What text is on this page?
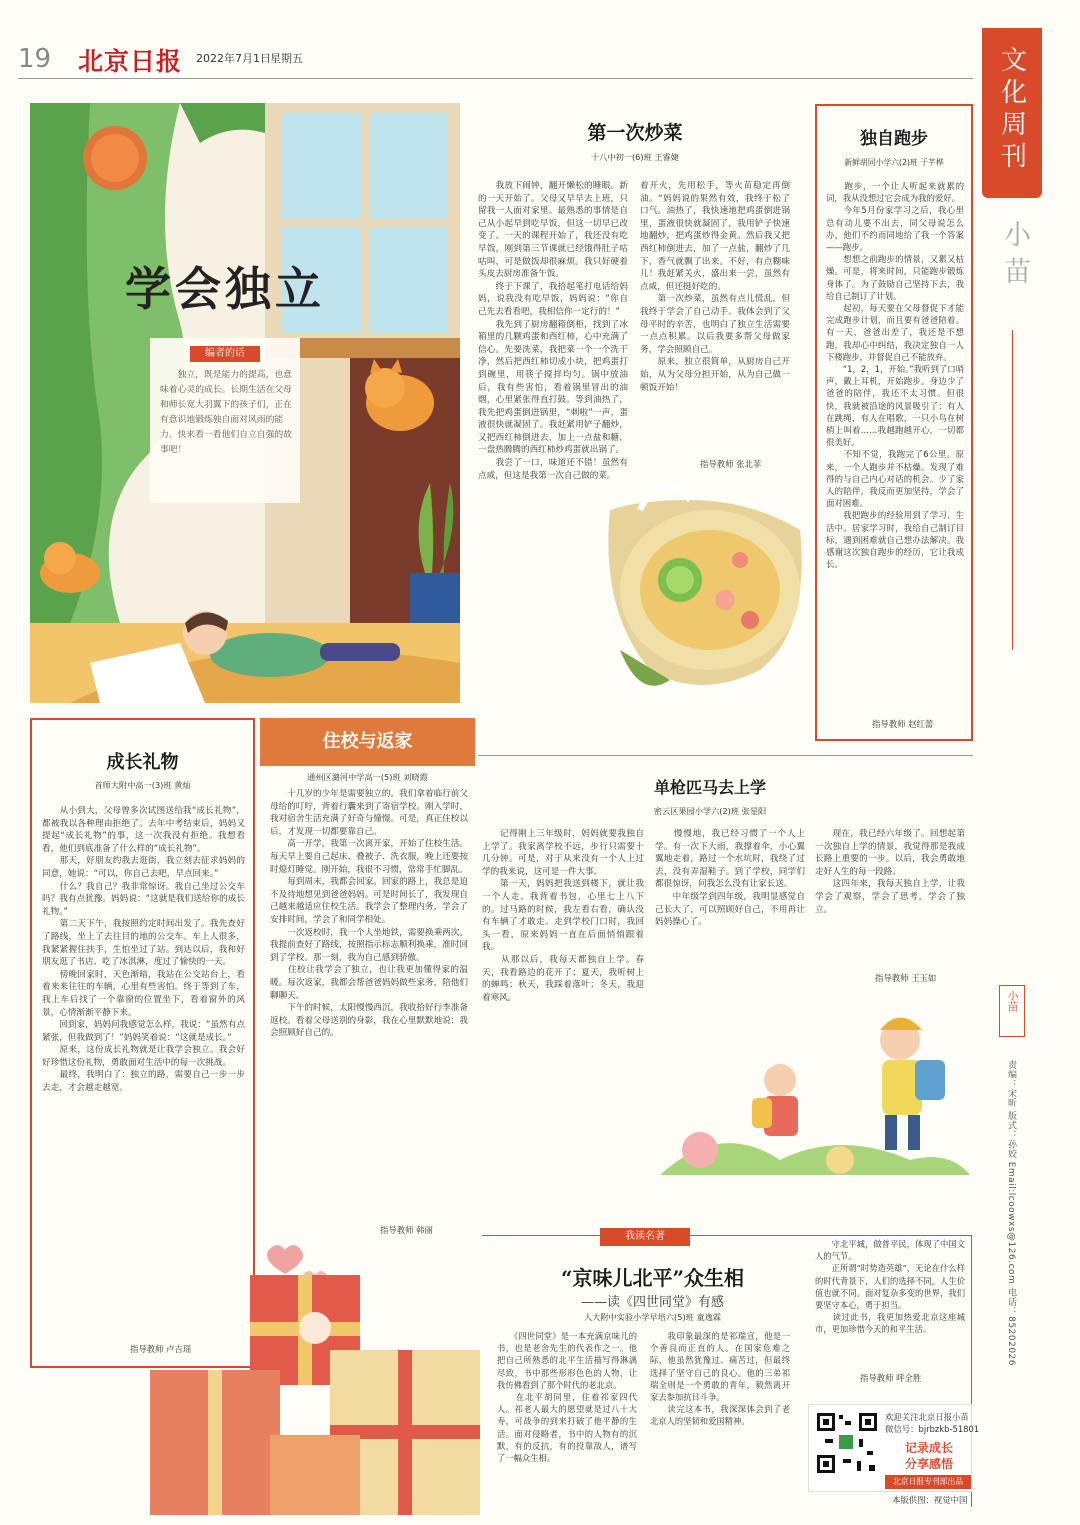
19 北京日报 2022年7月1日 星期五	文化周刊
小苗
小苗
责编：宋昕 版式：孙姣 Email:lcoowxs@126.com 电话：85202026
学会独立
编者的话
　　独立，既是能力的提高，也意味着心灵的成长。长期生活在父母和师长宽大羽翼下的孩子们，正在有意识地锻炼独自面对风雨的能力。快来看一看他们自立自强的故事吧！
第一次炒菜
十八中初一(6)班 王睿婕
　　我放下闹钟，翻开懒松的睡眼。新的一天开始了。父母又早早去上班，只留我一人面对家里。最熟悉的事情是自己从小起早到吃早饭，但这一切早已改变了。一天的课程开始了，我还没有吃早饭，刚到第三节课就已经饿得肚子咕咕叫，可是做饭却很麻烦。我只好硬着头皮去厨房准备午饭。
　　终于下课了，我拾起笔打电话给妈妈，说我没有吃早饭，妈妈说：“你自己先去看看吧，我相信你一定行的！”
　　我先到了厨房翻箱倒柜，找到了冰箱里的几颗鸡蛋和西红柿，心中充满了信心。先要洗菜，我把菜一个一个洗干净，然后把西红柿切成小块，把鸡蛋打到碗里，用筷子搅拌均匀。锅中放油后，我有些害怕，看着锅里冒出的油烟，心里紧张得直打鼓。等到油热了，我先把鸡蛋倒进锅里，“刺啦”一声，蛋液很快就凝固了。我赶紧用铲子翻炒，又把西红柿倒进去，加上一点盐和糖，一盘热腾腾的西红柿炒鸡蛋就出锅了。
　　我尝了一口，味道还不错！虽然有点咸，但这是我第一次自己做的菜。
着开火，先用松手，等火苗稳定再倒油。“妈妈说的果然有效，我终于松了口气。油热了，我快速地把鸡蛋倒进锅里，蛋液很快就凝固了，我用铲子快速地翻炒，把鸡蛋炒得金黄。然后我又把西红柿倒进去，加了一点盐，翻炒了几下，香气就飘了出来。不好，有点糊味儿！我赶紧关火，盛出来一尝，虽然有点咸，但还挺好吃的。
　　第一次炒菜，虽然有点儿慌乱，但我终于学会了自己动手。我体会到了父母平时的辛苦，也明白了独立生活需要一点点积累。以后我要多帮父母做家务，学会照顾自己。
　　原来，独立很简单，从厨房自己开始，从为父母分担开始，从为自己做一顿饭开始！
指导教师 张北菲
独自跑步
新鲜胡同小学六(2)班 于芊桦
　　跑步，一个让人听起来就累的词，我从没想过它会成为我的爱好。
　　今年5月份家学习之后，我心里总有动儿要不出去，同父母说怎么办，他们不约而同地给了我一个答案——跑步。
　　想想之前跑步的情景，又累又枯燥。可是，将来时间，只能跑步锻炼身体了。为了鼓励自己坚持下去，我给自己制订了计划。
　　起初，每天要在父母督促下才能完成跑步计划，而且要有爸爸陪着。有一天，爸爸出差了，我还是不想跑，我却心中纠结，我决定独自一人下楼跑步，并督促自己不能放弃。
　　“1，2，1，开始。”我听到了口哨声，戴上耳机，开始跑步。身边少了爸爸的陪伴，我还不太习惯。但很快，我就被沿途的风景吸引了：有人在跳绳，有人在唱歌，一只小鸟在树梢上叫着……我越跑越开心，一切都很美好。
　　不知不觉，我跑完了6公里。原来，一个人跑步并不枯燥。发现了难得的与自己内心对话的机会。少了家人的陪伴，我反而更加坚持，学会了面对困难。
　　我把跑步的经验用到了学习、生活中。居家学习时，我给自己制订目标，遇到困难就自己想办法解决。我感谢这次独自跑步的经历，它让我成长。
指导教师 赵红蕾
成长礼物
首师大附中高一(3)班 黄灿
　　从小到大，父母曾多次试图送给我“成长礼物”，都被我以各种理由拒绝了。去年中考结束后，妈妈又提起“成长礼物”的事，这一次我没有拒绝。我想看看，他们到底准备了什么样的“成长礼物”。
　　那天，好朋友约我去逛街，我立刻去征求妈妈的同意，她说：“可以，你自己去吧，早点回来。”
　　什么？我自己？我非常惊讶。我自己坐过公交车吗？我有点犹豫。妈妈说：“这就是我们送给你的成长礼物。”
　　第二天下午，我按照约定时间出发了。我先查好了路线，坐上了去往目的地的公交车。车上人很多，我紧紧握住扶手，生怕坐过了站。到达以后，我和好朋友逛了书店、吃了冰淇淋，度过了愉快的一天。
　　傍晚回家时，天色渐暗，我站在公交站台上，看着来来往往的车辆，心里有些害怕。终于等到了车，我上车后找了一个靠窗的位置坐下，看着窗外的风景，心情渐渐平静下来。
　　回到家，妈妈问我感觉怎么样，我说：“虽然有点紧张，但我做到了！”妈妈笑着说：“这就是成长。”
　　原来，这份成长礼物就是让我学会独立。我会好好珍惜这份礼物，勇敢面对生活中的每一次挑战。
　　最终，我明白了：独立的路，需要自己一步一步去走，才会越走越宽。
指导教师 卢吉瑶
住校与返家
通州区潞河中学高一(5)班 刘晓霞
　　十几岁的少年是需要独立的。我们拿着临行前父母给的叮咛，背着行囊来到了寄宿学校。刚入学时，我对宿舍生活充满了好奇与憧憬。可是，真正住校以后，才发现一切都要靠自己。
　　高一开学，我第一次离开家，开始了住校生活。每天早上要自己起床、叠被子、洗衣服，晚上还要按时熄灯睡觉。刚开始，我很不习惯，常常手忙脚乱。
　　每到周末，我都会回家。回家的路上，我总是迫不及待地想见到爸爸妈妈。可是时间长了，我发现自己越来越适应住校生活。我学会了整理内务，学会了安排时间，学会了和同学相处。
　　一次返校时，我一个人坐地铁，需要换乘两次。我提前查好了路线，按照指示标志顺利换乘，准时回到了学校。那一刻，我为自己感到骄傲。
　　住校让我学会了独立，也让我更加懂得家的温暖。每次返家，我都会帮爸爸妈妈做些家务，陪他们聊聊天。
　　下午的时候，太阳慢慢西沉，我收拾好行李准备返校。看着父母送别的身影，我在心里默默地说：我会照顾好自己的。
指导教师 韩丽
单枪匹马去上学
密云区果园小学六(2)班 张星阳
　　记得刚上三年级时，妈妈就要我独自上学了。我家离学校不远，步行只需要十几分钟。可是，对于从来没有一个人上过学的我来说，这可是一件大事。
　　第一天，妈妈把我送到楼下，就让我一个人走。我背着书包，心里七上八下的。过马路的时候，我左看右看，确认没有车辆了才敢走。走到学校门口时，我回头一看，原来妈妈一直在后面悄悄跟着我。
　　从那以后，我每天都独自上学。春天，我看路边的花开了；夏天，我听树上的蝉鸣；秋天，我踩着落叶；冬天，我迎着寒风。
　　慢慢地，我已经习惯了一个人上学。有一次下大雨，我撑着伞，小心翼翼地走着，路过一个水坑时，我绕了过去，没有弄湿鞋子。到了学校，同学们都很惊讶，问我怎么没有让家长送。
　　中年级学到四年级，我明显感觉自己长大了，可以照顾好自己，不用再让妈妈操心了。
　　现在，我已经六年级了。回想起第一次独自上学的情景，我觉得那是我成长路上重要的一步。以后，我会勇敢地走好人生的每一段路。
　　这四年来，我每天独自上学，让我学会了观察，学会了思考，学会了独立。
指导教师 王玉如
我读名著
“京味儿北平”众生相
——读《四世同堂》有感
人大附中实验小学早培六(5)班 童逸霖
　　《四世同堂》是一本充满京味儿的书，也是老舍先生的代表作之一。他把自己所熟悉的北平生活描写得淋漓尽致，书中那些形形色色的人物，让我仿佛看到了那个时代的老北京。
　　在北平胡同里，住着祁家四代人。祁老人最大的愿望就是过八十大寿，可战争的到来打破了他平静的生活。面对侵略者，书中的人物有的沉默，有的反抗，有的投靠敌人，谱写了一幅众生相。
　　我印象最深的是祁瑞宣，他是一个善良而正直的人。在国家危难之际，他虽然犹豫过、痛苦过，但最终选择了坚守自己的良心。他的三弟祁瑞全则是一个勇敢的青年，毅然离开家去参加抗日斗争。
　　读完这本书，我深深体会到了老北京人的坚韧和爱国精神。
　　守北平城，做普平民，体现了中国文人的气节。
　　正所谓“时势造英雄”，无论在什么样的时代背景下，人们的选择不同，人生价值也就不同。面对复杂多变的世界，我们要坚守本心，勇于担当。
　　读过此书，我更加热爱北京这座城市，更加珍惜今天的和平生活。
指导教师 呼全胜
欢迎关注北京日报小苗
微信号：bjrbzkb-51801
记录成长
分享感悟
北京日报专刊部出品
本版供图：视觉中国
